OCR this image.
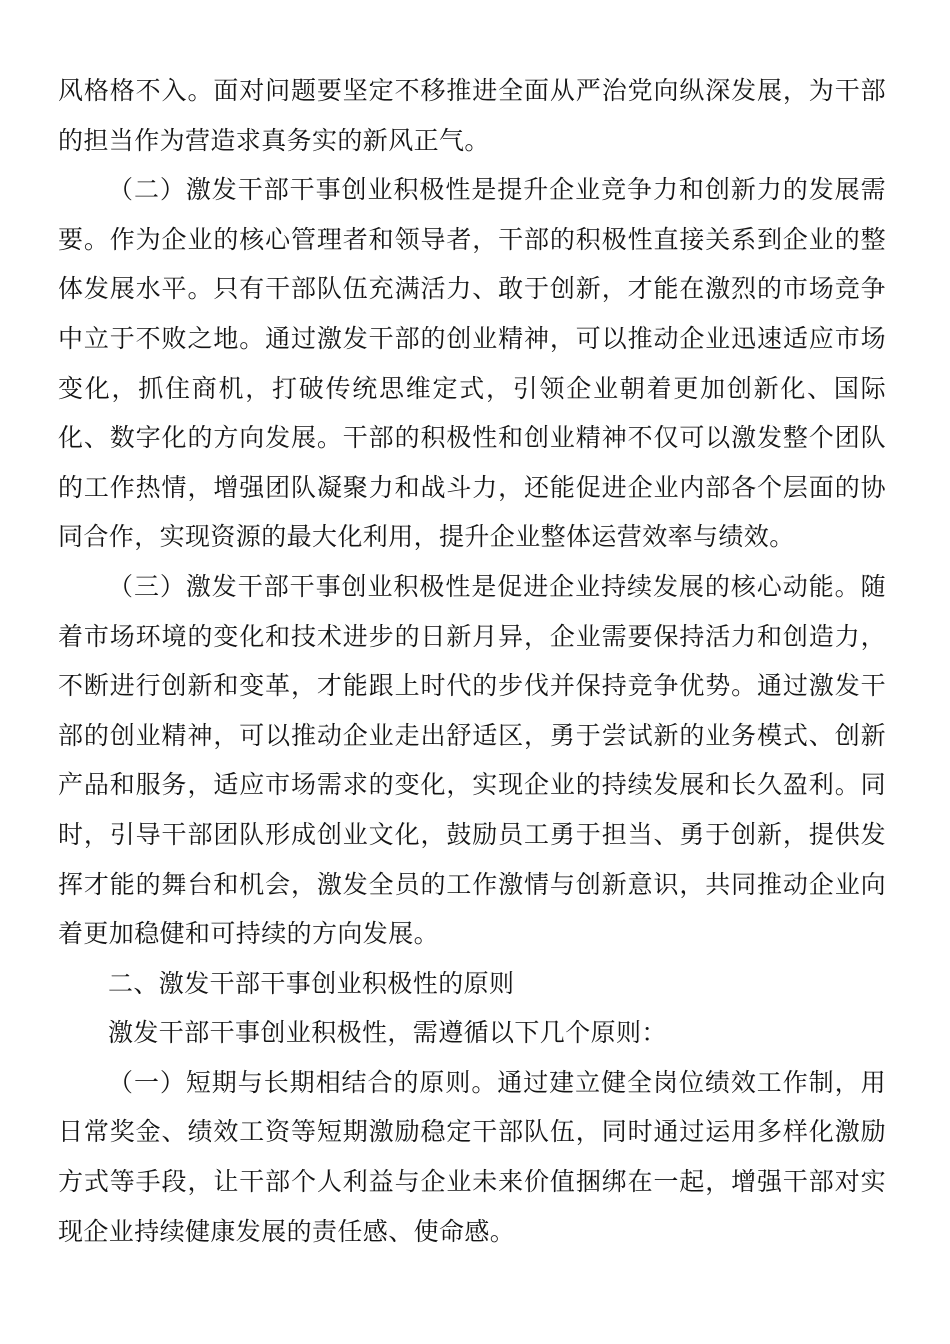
风格格不入。面对问题要坚定不移推进全面从严治党向纵深发展，为干部的担当作为营造求真务实的新风正气。

（二）激发干部干事创业积极性是提升企业竞争力和创新力的发展需要。作为企业的核心管理者和领导者，干部的积极性直接关系到企业的整体发展水平。只有干部队伍充满活力、敢于创新，才能在激烈的市场竞争中立于不败之地。通过激发干部的创业精神，可以推动企业迅速适应市场变化，抓住商机，打破传统思维定式，引领企业朝着更加创新化、国际化、数字化的方向发展。干部的积极性和创业精神不仅可以激发整个团队的工作热情，增强团队凝聚力和战斗力，还能促进企业内部各个层面的协同合作，实现资源的最大化利用，提升企业整体运营效率与绩效。

（三）激发干部干事创业积极性是促进企业持续发展的核心动能。随着市场环境的变化和技术进步的日新月异，企业需要保持活力和创造力，不断进行创新和变革，才能跟上时代的步伐并保持竞争优势。通过激发干部的创业精神，可以推动企业走出舒适区，勇于尝试新的业务模式、创新产品和服务，适应市场需求的变化，实现企业的持续发展和长久盈利。同时，引导干部团队形成创业文化，鼓励员工勇于担当、勇于创新，提供发挥才能的舞台和机会，激发全员的工作激情与创新意识，共同推动企业向着更加稳健和可持续的方向发展。

二、激发干部干事创业积极性的原则

激发干部干事创业积极性，需遵循以下几个原则：

（一）短期与长期相结合的原则。通过建立健全岗位绩效工作制，用日常奖金、绩效工资等短期激励稳定干部队伍，同时通过运用多样化激励方式等手段，让干部个人利益与企业未来价值捆绑在一起，增强干部对实现企业持续健康发展的责任感、使命感。
